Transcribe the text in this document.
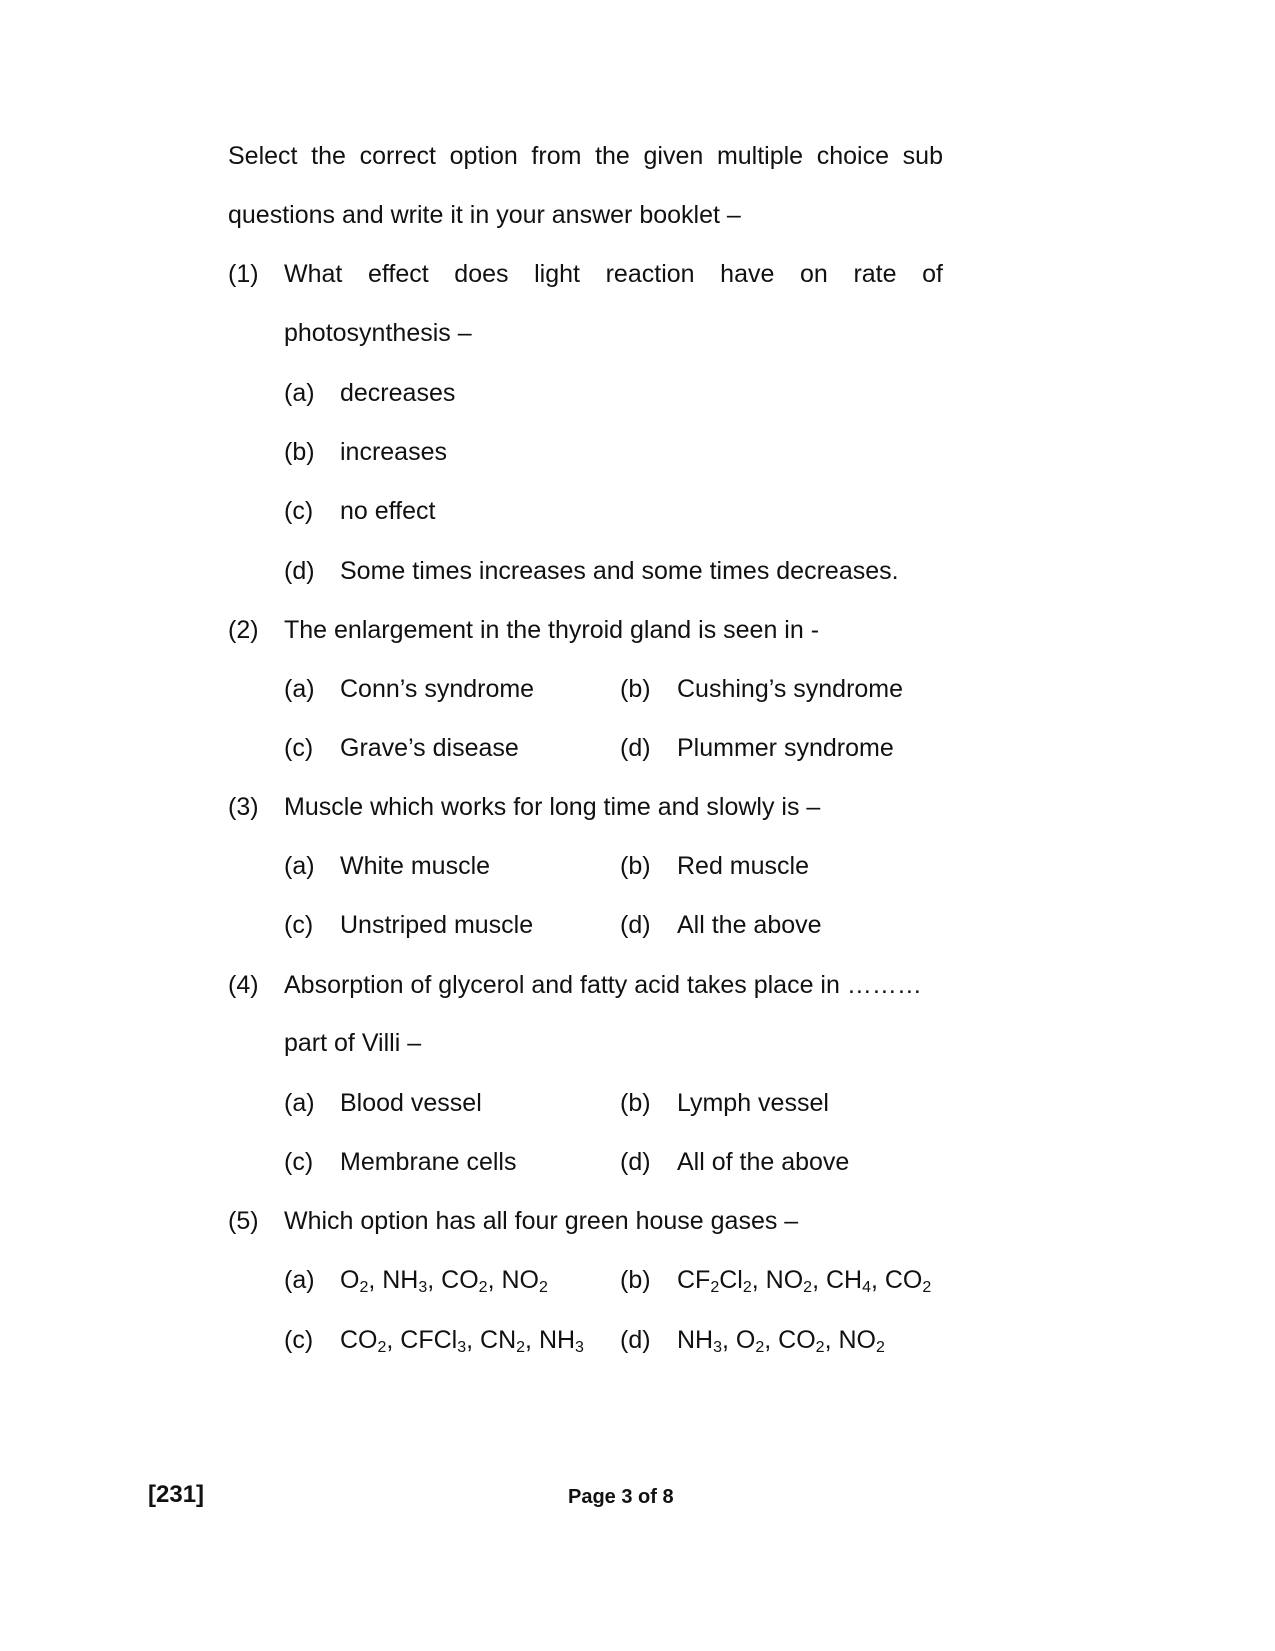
Select the correct option from the given multiple choice sub
questions and write it in your answer booklet –
(1) What effect does light reaction have on rate of
photosynthesis –
(a) decreases
(b) increases
(c) no effect
(d) Some times increases and some times decreases.
(2) The enlargement in the thyroid gland is seen in -
(a) Conn’s syndrome	(b) Cushing’s syndrome
(c) Grave’s disease	(d) Plummer syndrome
(3) Muscle which works for long time and slowly is –
(a) White muscle	(b) Red muscle
(c) Unstriped muscle	(d) All the above
(4) Absorption of glycerol and fatty acid takes place in ………
part of Villi –
(a) Blood vessel	(b) Lymph vessel
(c) Membrane cells	(d) All of the above
(5) Which option has all four green house gases –
(a) $O_2$, $NH_3$, $CO_2$, $NO_2$	(b) $CF_2Cl_2$, $NO_2$, $CH_4$, $CO_2$
(c) $CO_2$, CFCl$_3$, $CN_2$, $NH_3$ (d) $NH_3$, $O_2$, $CO_2$, $NO_2$
[231]	Page 3 of 8
